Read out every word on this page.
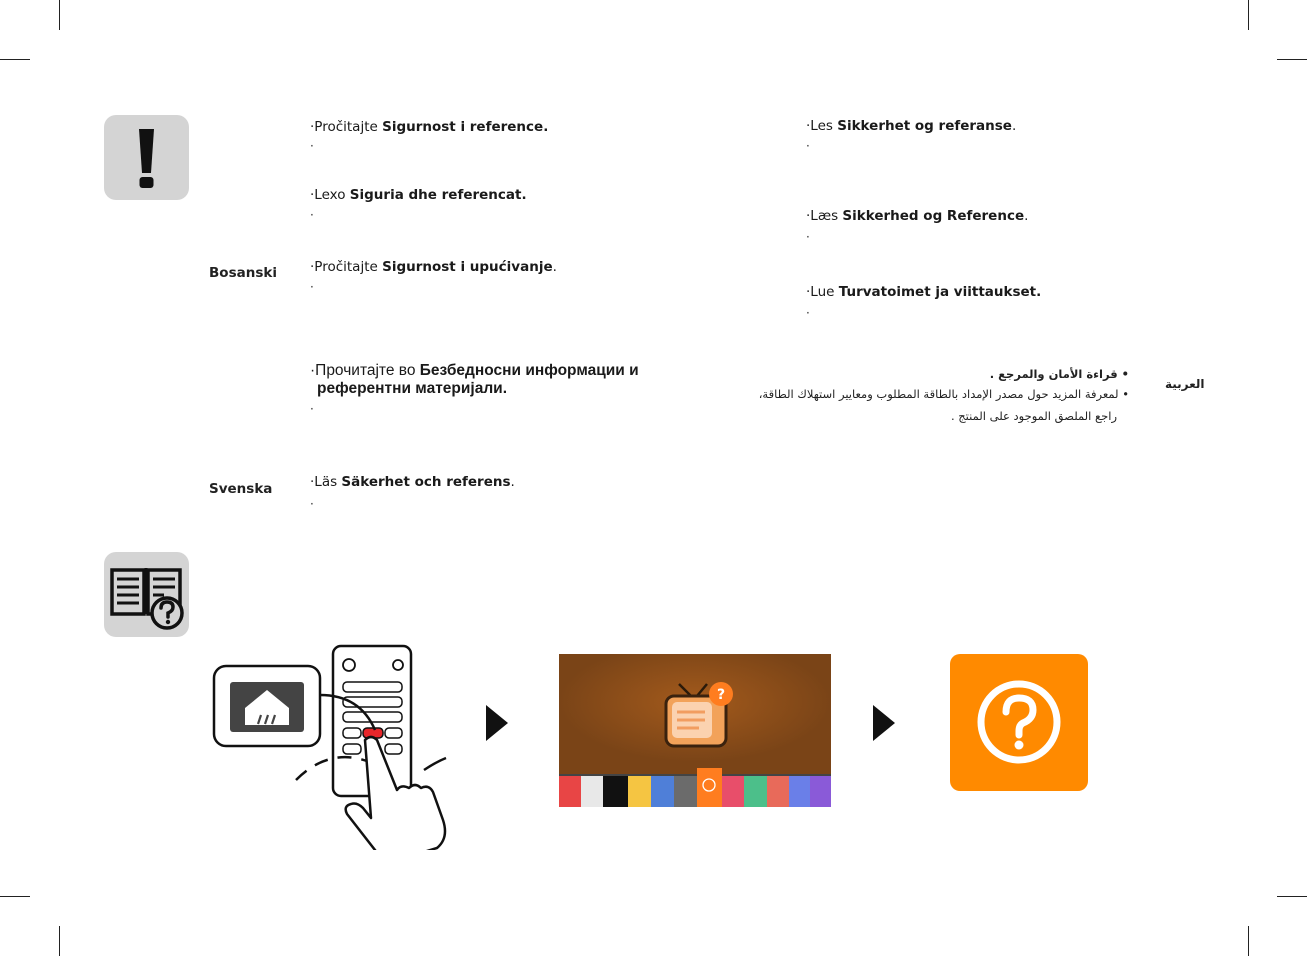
·Pročitajte Sigurnost i reference.
·
·Lexo Siguria dhe referencat.
·
Bosanski ·Pročitajte Sigurnost i upućivanje.
·
·Прочитајте во Безбедносни информации и
референтни материјали.
·
Svenska	·Läs Säkerhet och referens.
·
·Les Sikkerhet og referanse.
·
·Læs Sikkerhed og Reference.
·
·Lue Turvatoimet ja viittaukset.
·
العربية
• قراءة الأمان والمرجع .
• لمعرفة المزيد حول مصدر الإمداد بالطاقة المطلوب ومعايير استهلاك الطاقة،
راجع الملصق الموجود على المنتج .
?
